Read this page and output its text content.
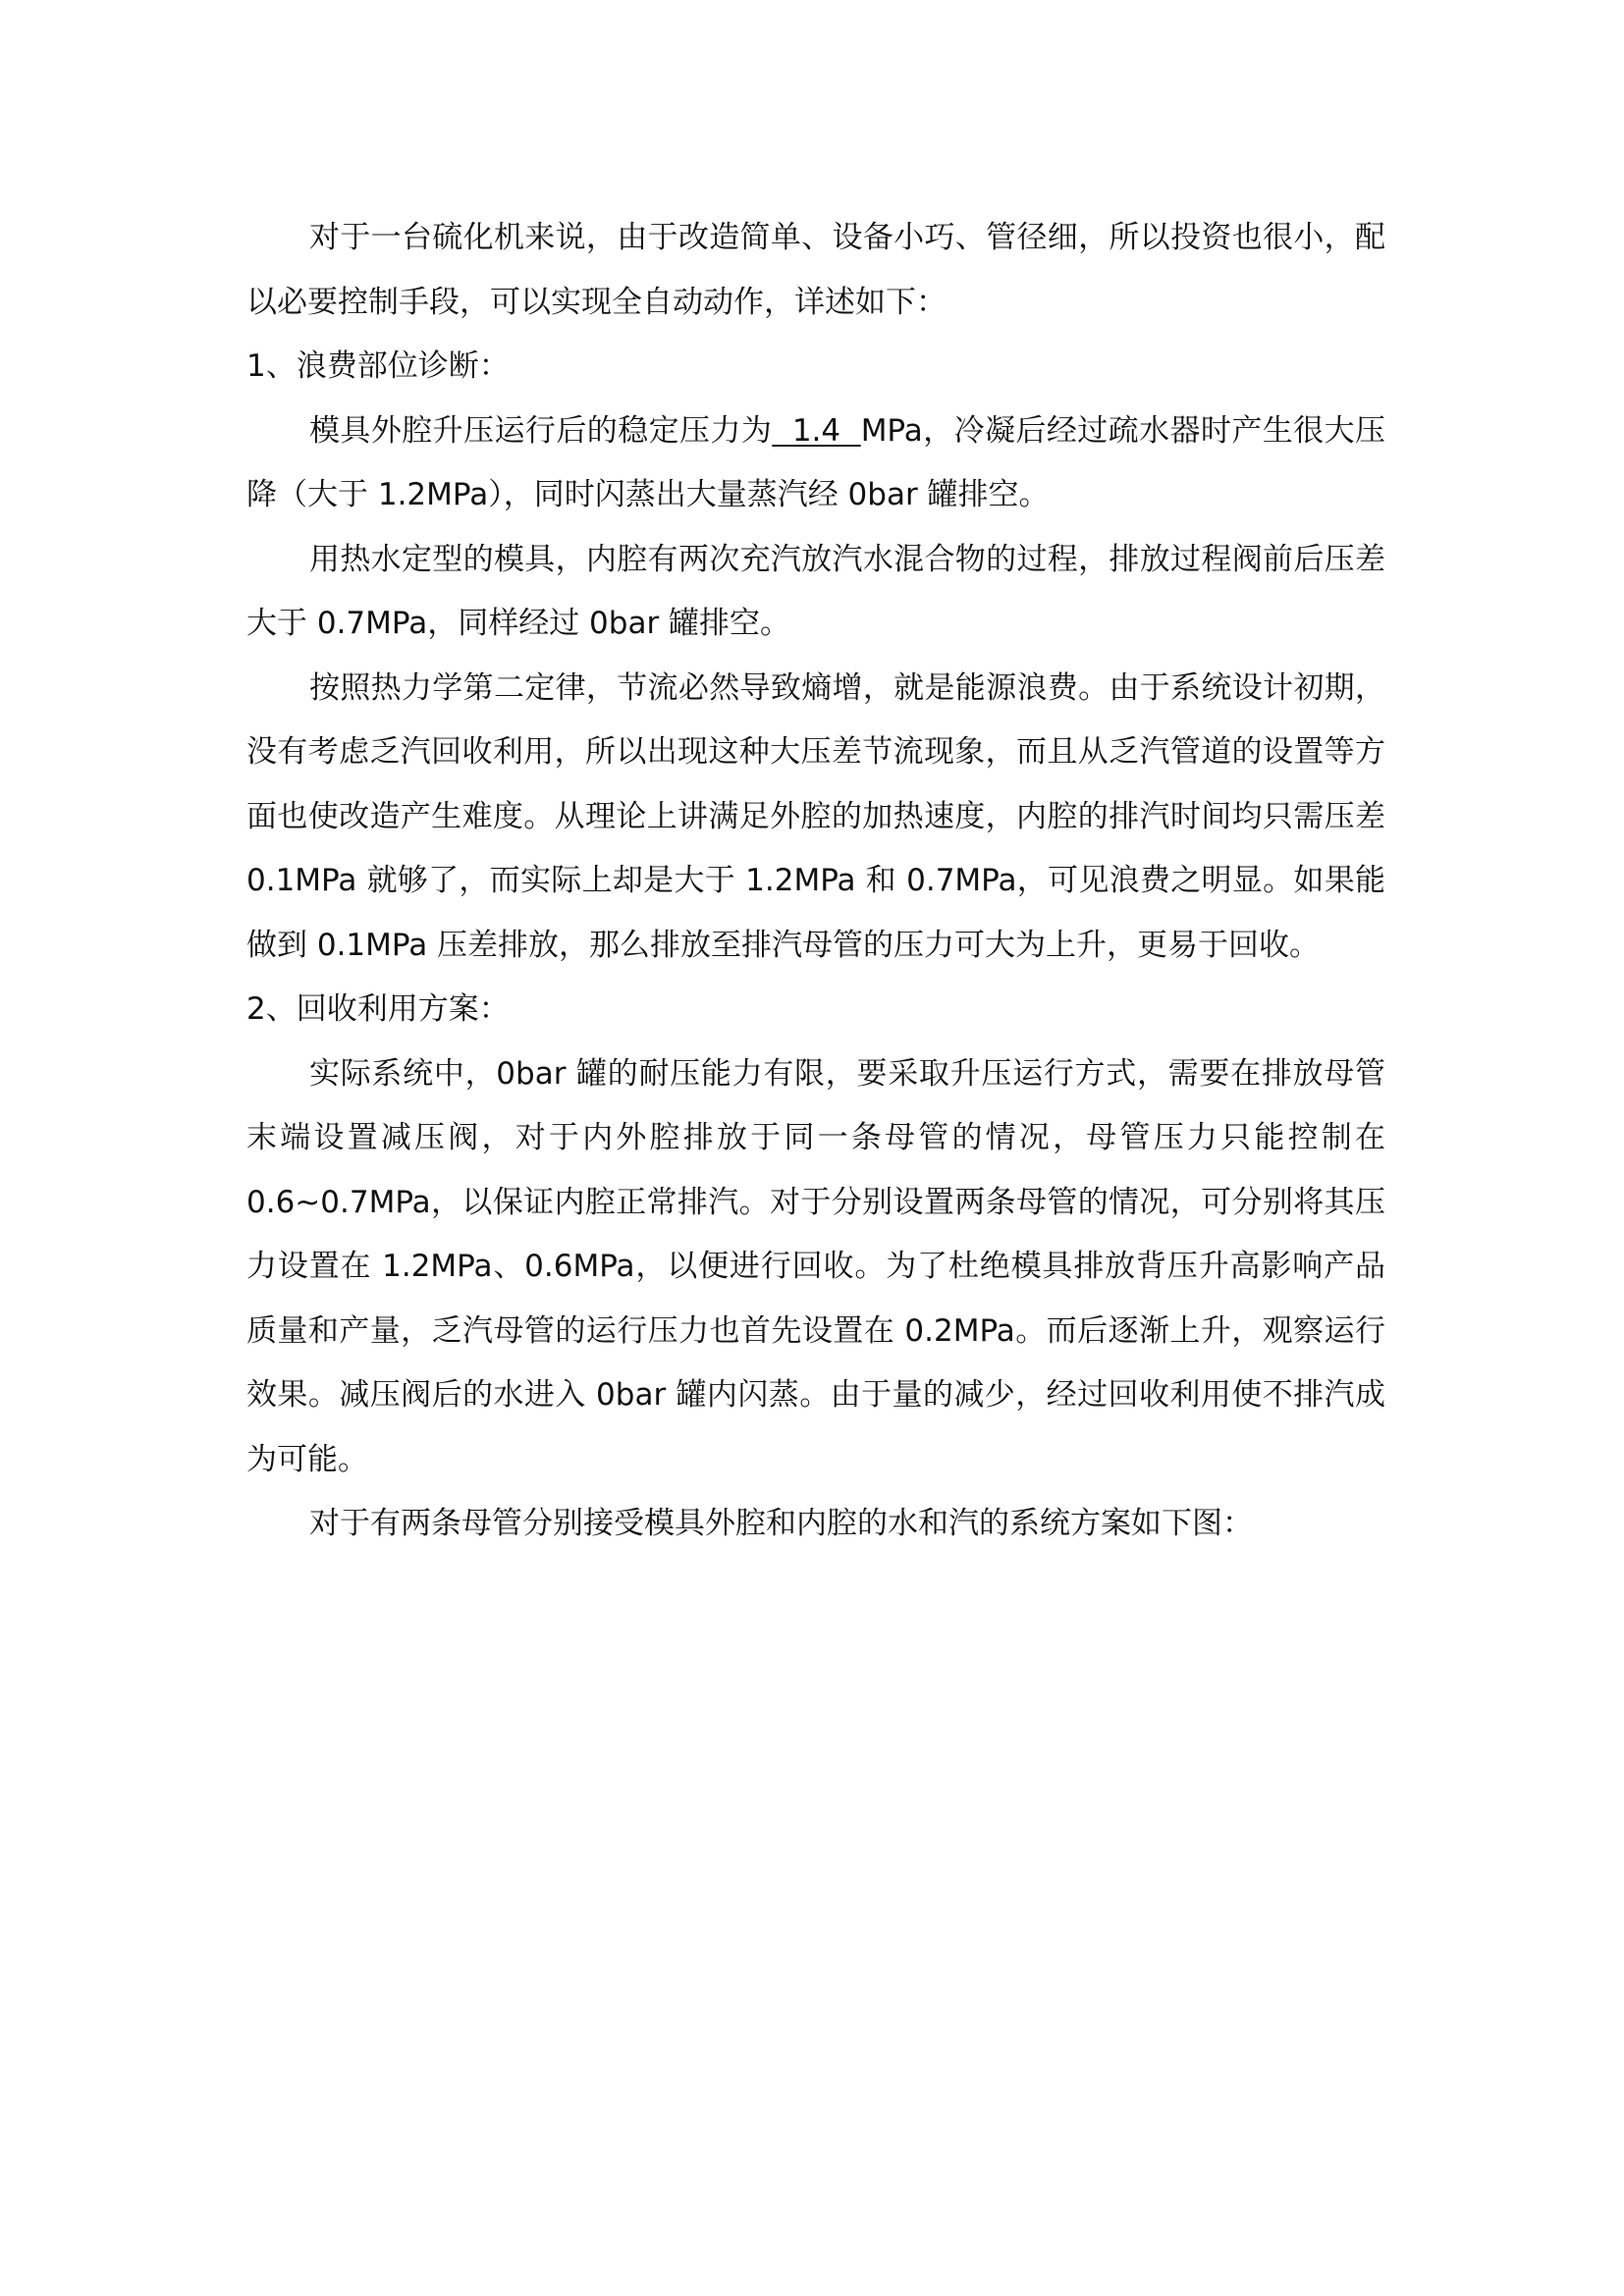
对于一台硫化机来说，由于改造简单、设备小巧、管径细，所以投资也很小，配以必要控制手段，可以实现全自动动作，详述如下：

1、浪费部位诊断：

模具外腔升压运行后的稳定压力为  1.4  MPa，冷凝后经过疏水器时产生很大压降（大于 1.2MPa），同时闪蒸出大量蒸汽经 0bar 罐排空。

用热水定型的模具，内腔有两次充汽放汽水混合物的过程，排放过程阀前后压差大于 0.7MPa，同样经过 0bar 罐排空。

按照热力学第二定律，节流必然导致熵增，就是能源浪费。由于系统设计初期，没有考虑乏汽回收利用，所以出现这种大压差节流现象，而且从乏汽管道的设置等方面也使改造产生难度。从理论上讲满足外腔的加热速度，内腔的排汽时间均只需压差 0.1MPa 就够了，而实际上却是大于 1.2MPa 和 0.7MPa，可见浪费之明显。如果能做到 0.1MPa 压差排放，那么排放至排汽母管的压力可大为上升，更易于回收。

2、回收利用方案：

实际系统中，0bar 罐的耐压能力有限，要采取升压运行方式，需要在排放母管末端设置减压阀，对于内外腔排放于同一条母管的情况，母管压力只能控制在 0.6~0.7MPa，以保证内腔正常排汽。对于分别设置两条母管的情况，可分别将其压力设置在 1.2MPa、0.6MPa，以便进行回收。为了杜绝模具排放背压升高影响产品质量和产量，乏汽母管的运行压力也首先设置在 0.2MPa。而后逐渐上升，观察运行效果。减压阀后的水进入 0bar 罐内闪蒸。由于量的减少，经过回收利用使不排汽成为可能。

对于有两条母管分别接受模具外腔和内腔的水和汽的系统方案如下图：
